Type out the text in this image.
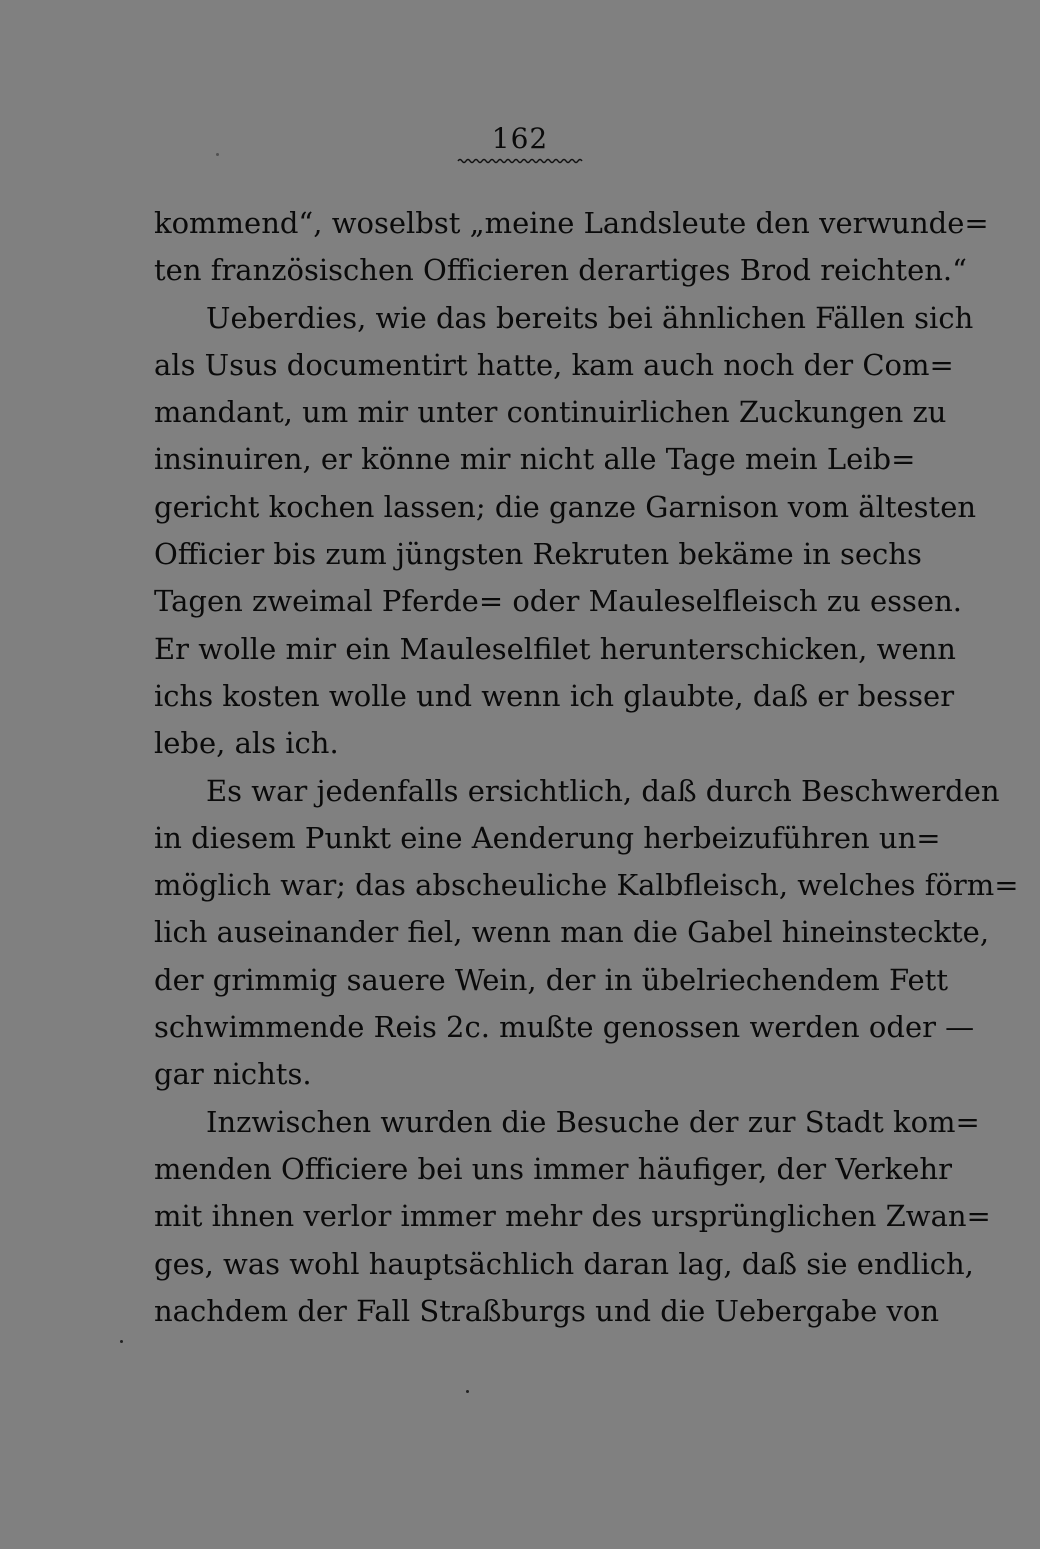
162
kommend“, woselbst „meine Landsleute den verwunde=
ten französischen Officieren derartiges Brod reichten.“
Ueberdies, wie das bereits bei ähnlichen Fällen sich
als Usus documentirt hatte, kam auch noch der Com=
mandant, um mir unter continuirlichen Zuckungen zu
insinuiren, er könne mir nicht alle Tage mein Leib=
gericht kochen lassen; die ganze Garnison vom ältesten
Officier bis zum jüngsten Rekruten bekäme in sechs
Tagen zweimal Pferde= oder Mauleselfleisch zu essen.
Er wolle mir ein Mauleselfilet herunterschicken, wenn
ichs kosten wolle und wenn ich glaubte, daß er besser
lebe, als ich.
Es war jedenfalls ersichtlich, daß durch Beschwerden
in diesem Punkt eine Aenderung herbeizuführen un=
möglich war; das abscheuliche Kalbfleisch, welches förm=
lich auseinander fiel, wenn man die Gabel hineinsteckte,
der grimmig sauere Wein, der in übelriechendem Fett
schwimmende Reis 2c. mußte genossen werden oder —
gar nichts.
Inzwischen wurden die Besuche der zur Stadt kom=
menden Officiere bei uns immer häufiger, der Verkehr
mit ihnen verlor immer mehr des ursprünglichen Zwan=
ges, was wohl hauptsächlich daran lag, daß sie endlich,
nachdem der Fall Straßburgs und die Uebergabe von
